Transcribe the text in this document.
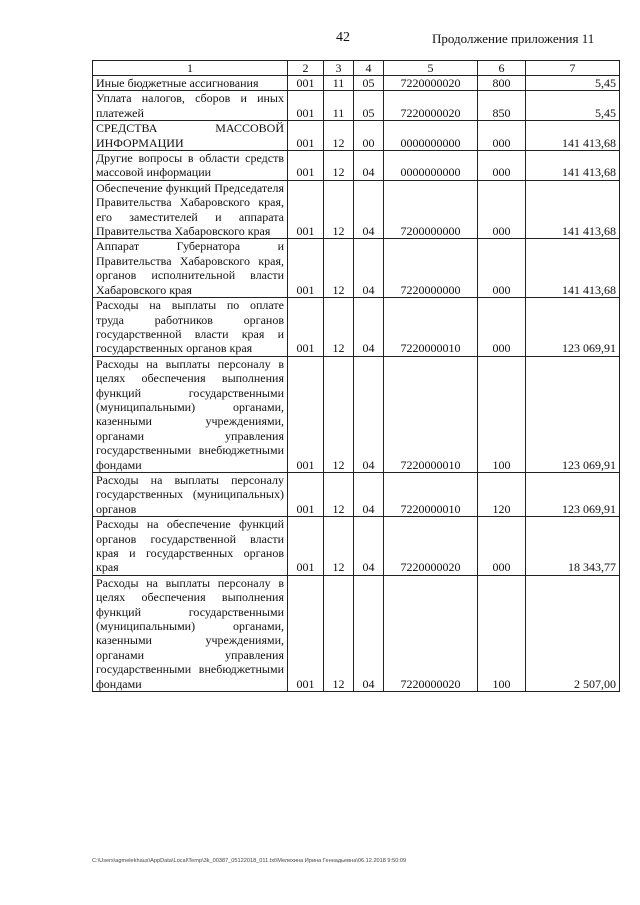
42	Продолжение приложения 11
1	2	3	4	5	6	7
Иные бюджетные ассигнования	001	11	05	7220000020	800	5,45
Уплата налогов, сборов и иных платежей	001	11	05	7220000020	850	5,45
СРЕДСТВА МАССОВОЙ ИНФОРМАЦИИ	001	12	00	0000000000	000	141 413,68
Другие вопросы в области средств массовой информации	001	12	04	0000000000	000	141 413,68
Обеспечение функций Председателя Правительства Хабаровского края, его заместителей и аппарата Правительства Хабаровского края	001	12	04	7200000000	000	141 413,68
Аппарат Губернатора и Правительства Хабаровского края, органов исполнительной власти Хабаровского края	001	12	04	7220000000	000	141 413,68
Расходы на выплаты по оплате труда работников органов государственной власти края и государственных органов края	001	12	04	7220000010	000	123 069,91
Расходы на выплаты персоналу в целях обеспечения выполнения функций государственными (муниципальными) органами, казенными учреждениями, органами управления государственными внебюджетными фондами	001	12	04	7220000010	100	123 069,91
Расходы на выплаты персоналу государственных (муниципальных) органов	001	12	04	7220000010	120	123 069,91
Расходы на обеспечение функций органов государственной власти края и государственных органов края	001	12	04	7220000020	000	18 343,77
Расходы на выплаты персоналу в целях обеспечения выполнения функций государственными (муниципальными) органами, казенными учреждениями, органами управления государственными внебюджетными фондами	001	12	04	7220000020	100	2 507,00
C:\Users\agmelekhaus\AppData\Local\Temp\3k_00387_05122018_011.txt\Мелехина Ирина Геннадьевна\06.12.2018 9:50:09
